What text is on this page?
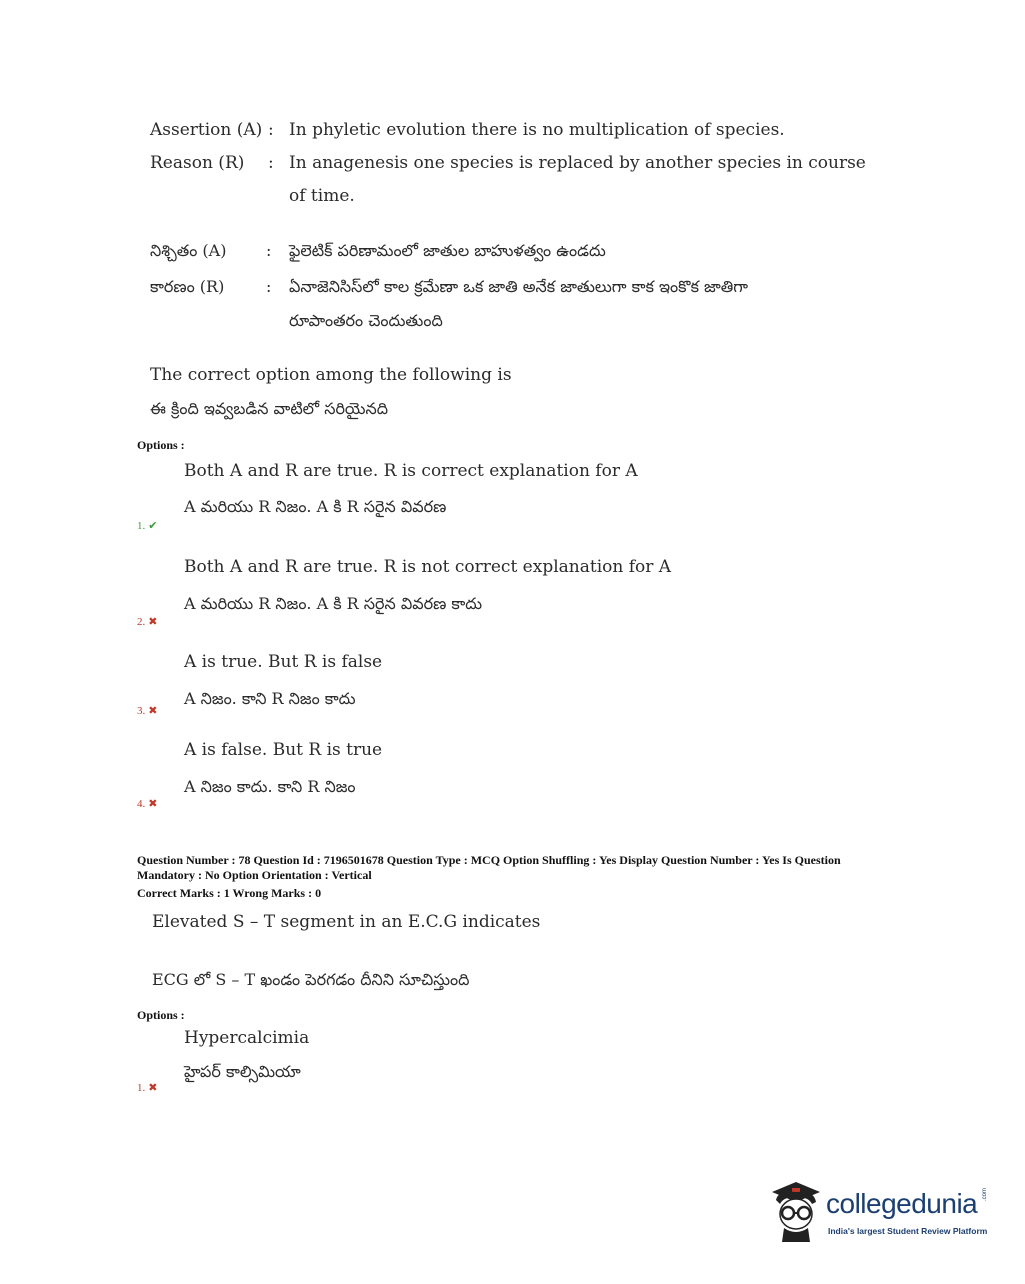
Assertion (A) : In phyletic evolution there is no multiplication of species.
Reason (R) : In anagenesis one species is replaced by another species in course
of time.
నిశ్చితం (A) : ఫైలెటిక్ పరిణామంలో జాతుల బాహుళత్వం ఉండదు
కారణం (R)	: ఏనాజెనిసిస్‌లో కాల క్రమేణా ఒక జాతి అనేక జాతులుగా కాక ఇంకొక జాతిగా
రూపాంతరం చెందుతుంది
The correct option among the following is
ఈ క్రింది ఇవ్వబడిన వాటిలో సరియైనది
Options :
Both A and R are true. R is correct explanation for A
A మరియు R నిజం. A కి R సరైన వివరణ
1. ✔
Both A and R are true. R is not correct explanation for A
A మరియు R నిజం. A కి R సరైన వివరణ కాదు
2. ✖
A is true. But R is false
A నిజం. కాని R నిజం కాదు
3. ✖
A is false. But R is true
A నిజం కాదు. కాని R నిజం
4. ✖
Question Number : 78 Question Id : 7196501678 Question Type : MCQ Option Shuffling : Yes Display Question Number : Yes Is Question
Mandatory : No Option Orientation : Vertical
Correct Marks : 1 Wrong Marks : 0
Elevated S – T segment in an E.C.G indicates
ECG లో S – T ఖండం పెరగడం దీనిని సూచిస్తుంది
Options :
Hypercalcimia
హైపర్ కాల్సిమియా
1. ✖
collegedunia .com
India's largest Student Review Platform
